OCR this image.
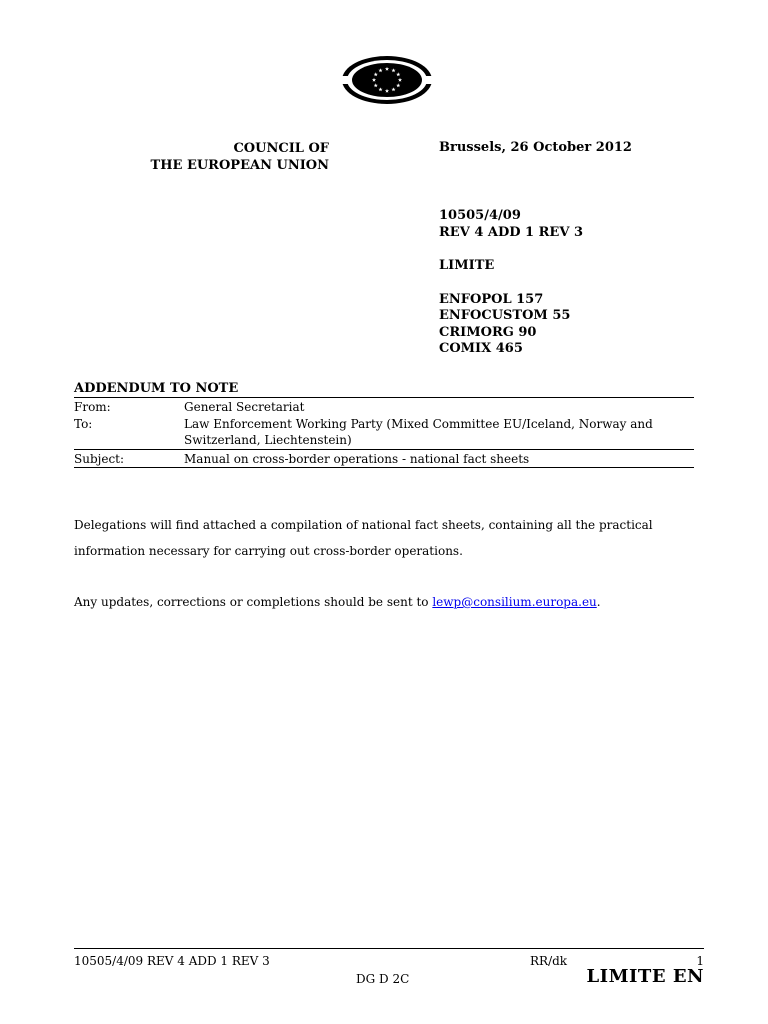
COUNCIL OF
THE EUROPEAN UNION
Brussels, 26 October 2012
10505/4/09
REV 4 ADD 1 REV 3
LIMITE
ENFOPOL 157
ENFOCUSTOM 55
CRIMORG 90
COMIX 465
ADDENDUM TO NOTE
From:	General Secretariat
To:	Law Enforcement Working Party (Mixed Committee EU/Iceland, Norway and Switzerland, Liechtenstein)
Subject:	Manual on cross-border operations - national fact sheets
Delegations will find attached a compilation of national fact sheets, containing all the practical information necessary for carrying out cross-border operations.
Any updates, corrections or completions should be sent to lewp@consilium.europa.eu.
10505/4/09 REV 4 ADD 1 REV 3	RR/dk	1
DG D 2C	LIMITE EN
